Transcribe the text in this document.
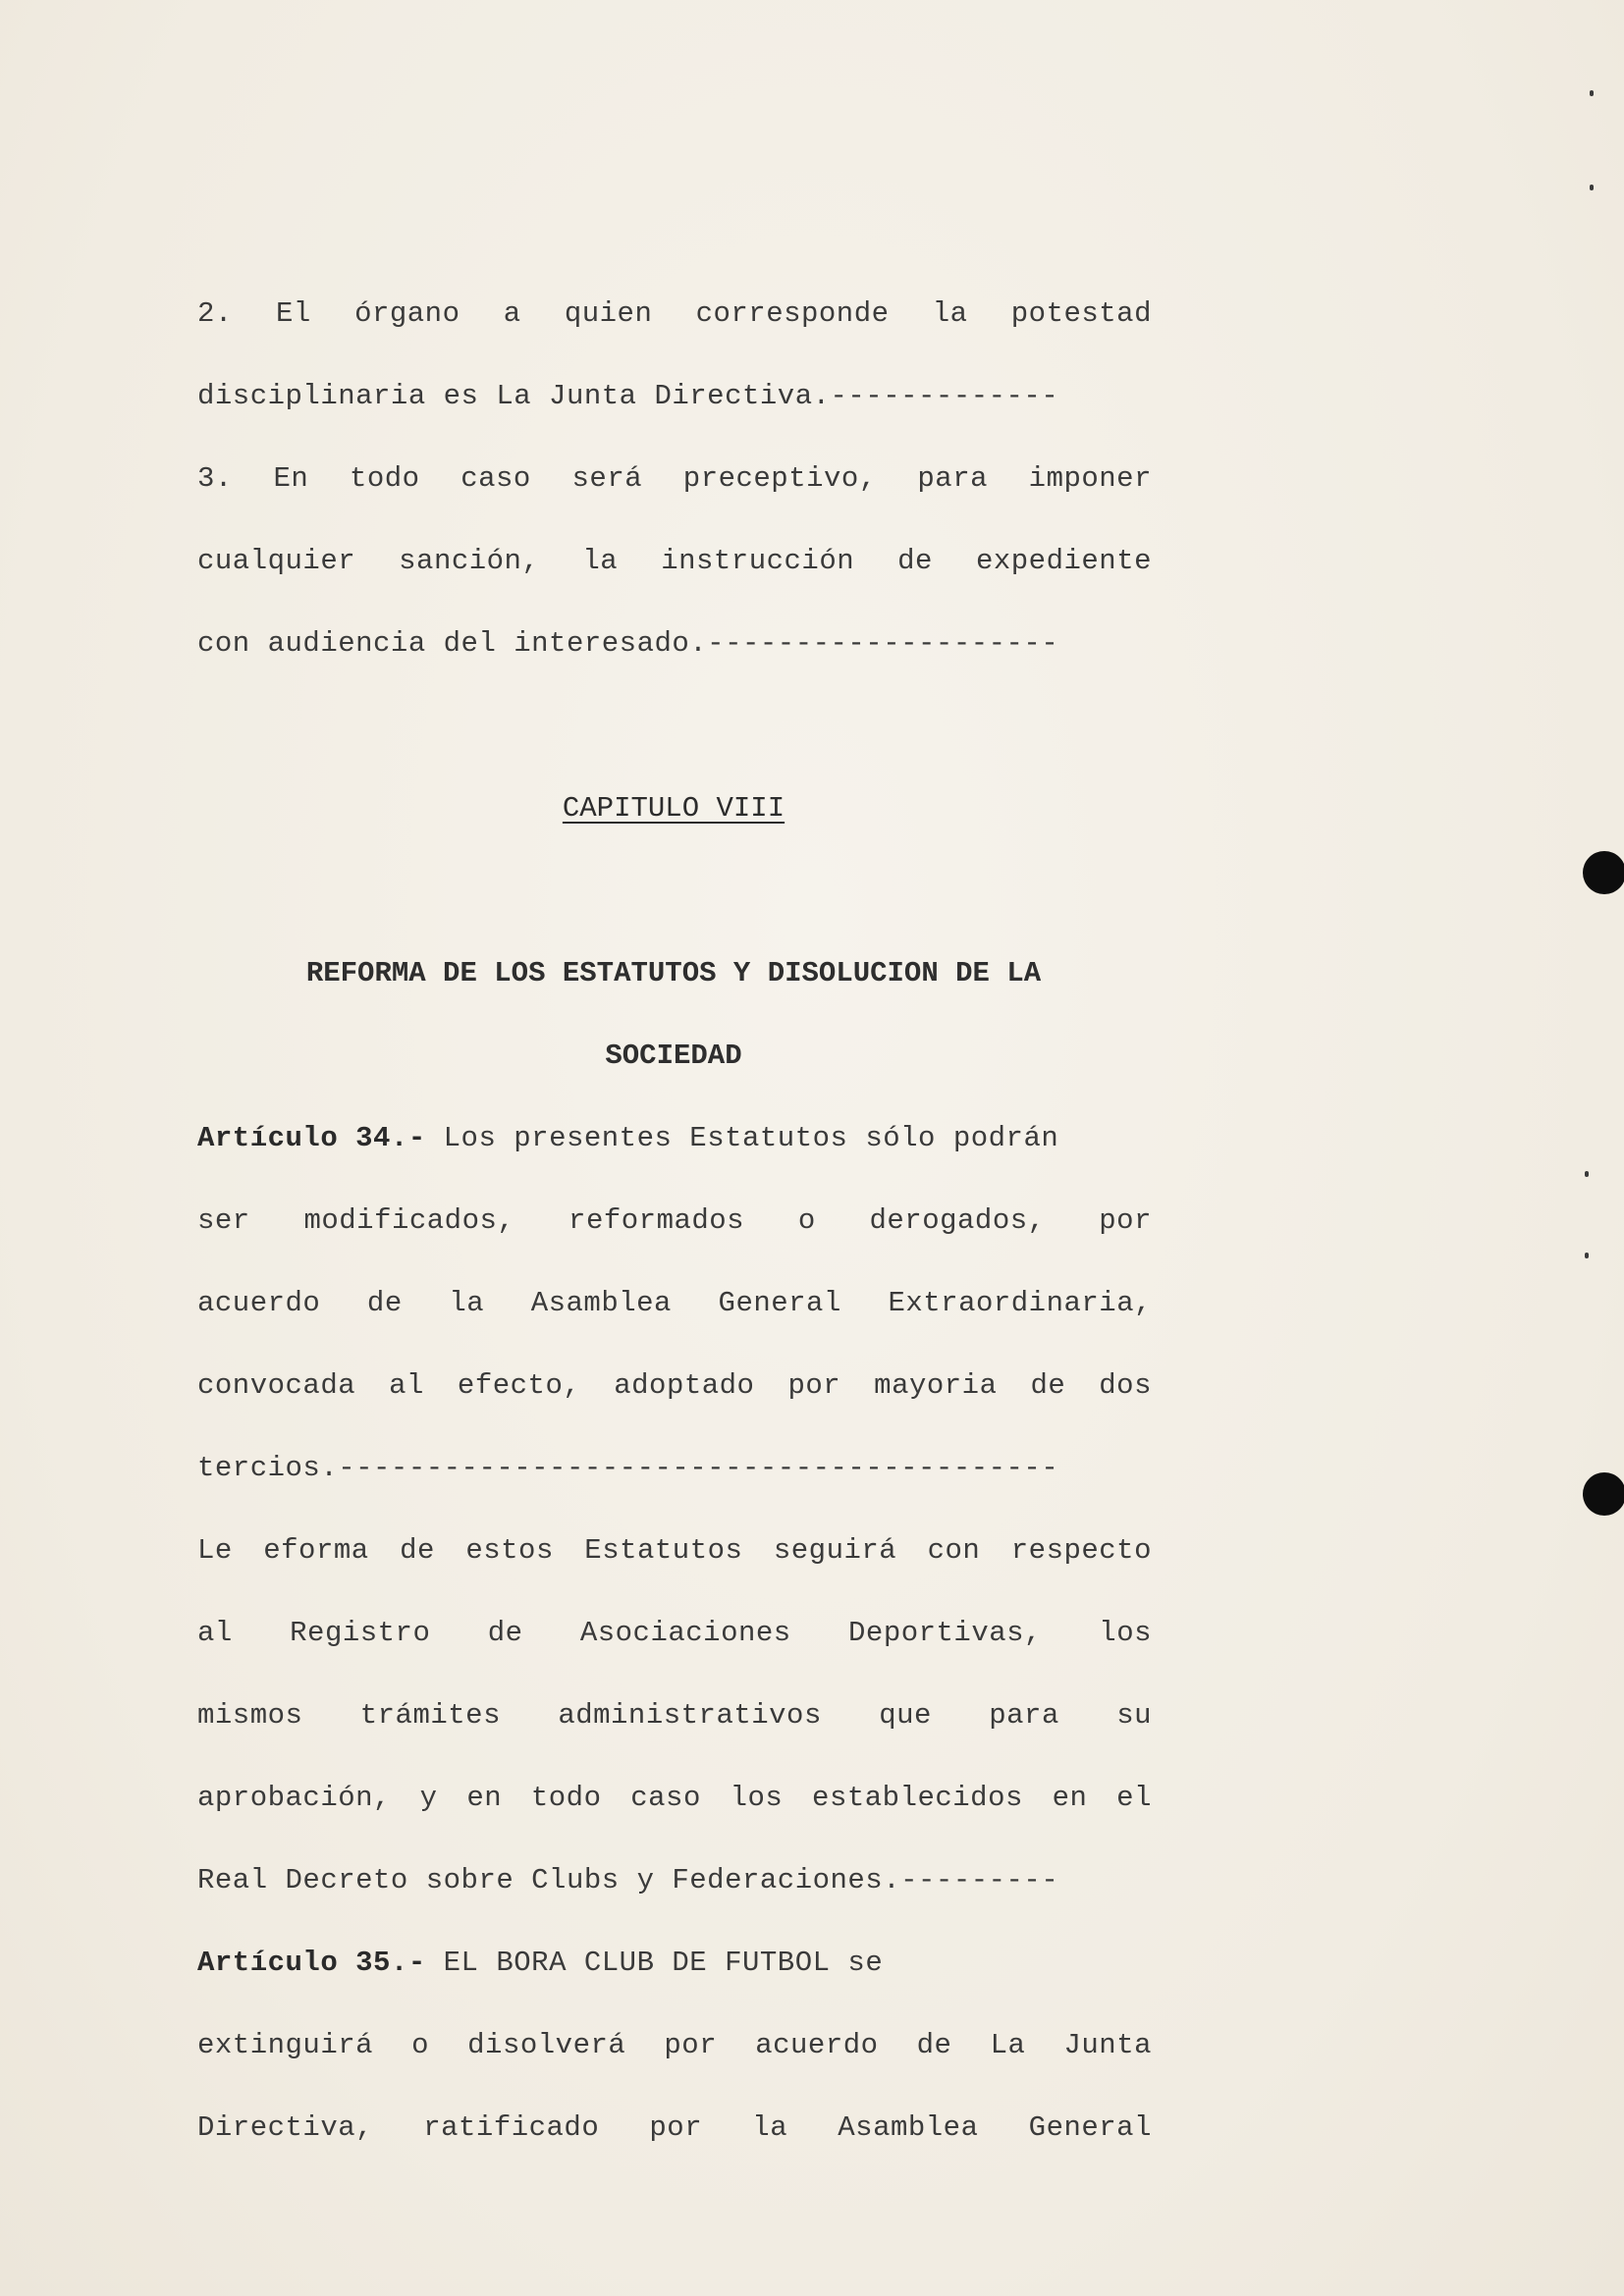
2. El órgano a quien corresponde la potestad
disciplinaria es La Junta Directiva.-------------
3. En todo caso será preceptivo, para imponer
cualquier sanción, la instrucción de expediente
con audiencia del interesado.--------------------
CAPITULO VIII
REFORMA DE LOS ESTATUTOS Y DISOLUCION DE LA
SOCIEDAD
Artículo 34.- Los presentes Estatutos sólo podrán
ser modificados, reformados o derogados, por
acuerdo de la Asamblea General Extraordinaria,
convocada al efecto, adoptado por mayoria de dos
tercios.-----------------------------------------
Le eforma de estos Estatutos seguirá con respecto
al Registro de Asociaciones Deportivas, los
mismos trámites administrativos que para su
aprobación, y en todo caso los establecidos en el
Real Decreto sobre Clubs y Federaciones.---------
Artículo 35.- EL BORA CLUB DE FUTBOL se
extinguirá o disolverá por acuerdo de La Junta
Directiva, ratificado por la Asamblea General
